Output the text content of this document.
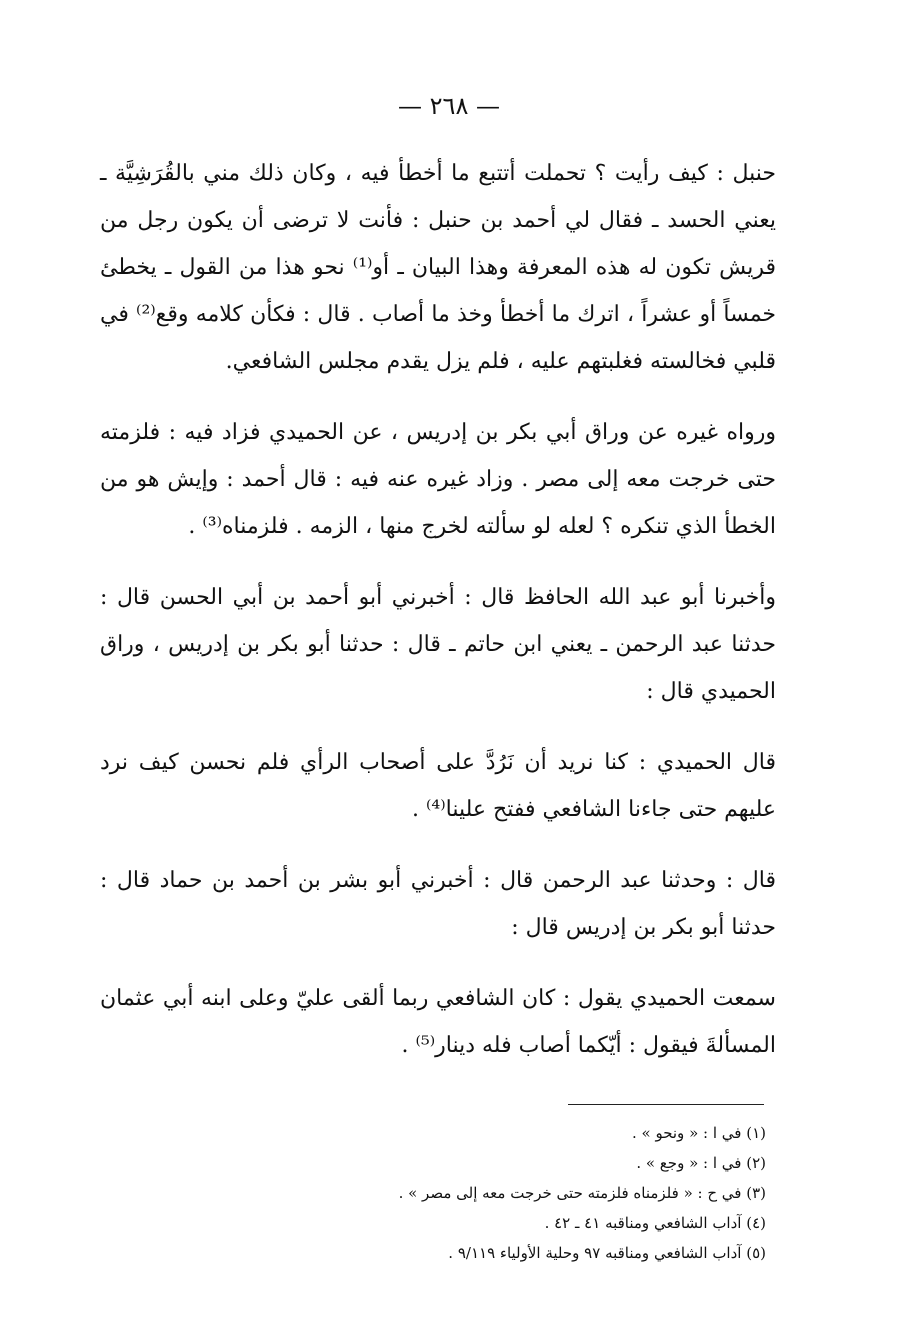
— ٢٦٨ —

حنبل : كيف رأيت ؟ تحملت أتتبع ما أخطأ فيه ، وكان ذلك مني بالقُرَشِيَّة ـ يعني الحسد ـ فقال لي أحمد بن حنبل : فأنت لا ترضى أن يكون رجل من قريش تكون له هذه المعرفة وهذا البيان ـ أو⁽¹⁾ نحو هذا من القول ـ يخطئ خمساً أو عشراً ، اترك ما أخطأ وخذ ما أصاب . قال : فكأن كلامه وقع⁽²⁾ في قلبي فخالسته فغلبتهم عليه ، فلم يزل يقدم مجلس الشافعي.

ورواه غيره عن وراق أبي بكر بن إدريس ، عن الحميدي فزاد فيه : فلزمته حتى خرجت معه إلى مصر . وزاد غيره عنه فيه : قال أحمد : وإيش هو من الخطأ الذي تنكره ؟ لعله لو سألته لخرج منها ، الزمه . فلزمناه⁽³⁾ .

وأخبرنا أبو عبد الله الحافظ قال : أخبرني أبو أحمد بن أبي الحسن قال : حدثنا عبد الرحمن ـ يعني ابن حاتم ـ قال : حدثنا أبو بكر بن إدريس ، وراق الحميدي قال :

قال الحميدي : كنا نريد أن نَرُدَّ على أصحاب الرأي فلم نحسن كيف نرد عليهم حتى جاءنا الشافعي ففتح علينا⁽⁴⁾ .

قال : وحدثنا عبد الرحمن قال : أخبرني أبو بشر بن أحمد بن حماد قال : حدثنا أبو بكر بن إدريس قال :

سمعت الحميدي يقول : كان الشافعي ربما ألقى عليّ وعلى ابنه أبي عثمان المسألةَ فيقول : أيّكما أصاب فله دينار⁽⁵⁾ .

(١) في ا : « ونحو » .
(٢) في ا : « وجع » .
(٣) في ح : « فلزمناه فلزمته حتى خرجت معه إلى مصر » .
(٤) آداب الشافعي ومناقبه ٤١ ـ ٤٢ .
(٥) آداب الشافعي ومناقبه ٩٧ وحلية الأولياء ٩/١١٩ .
